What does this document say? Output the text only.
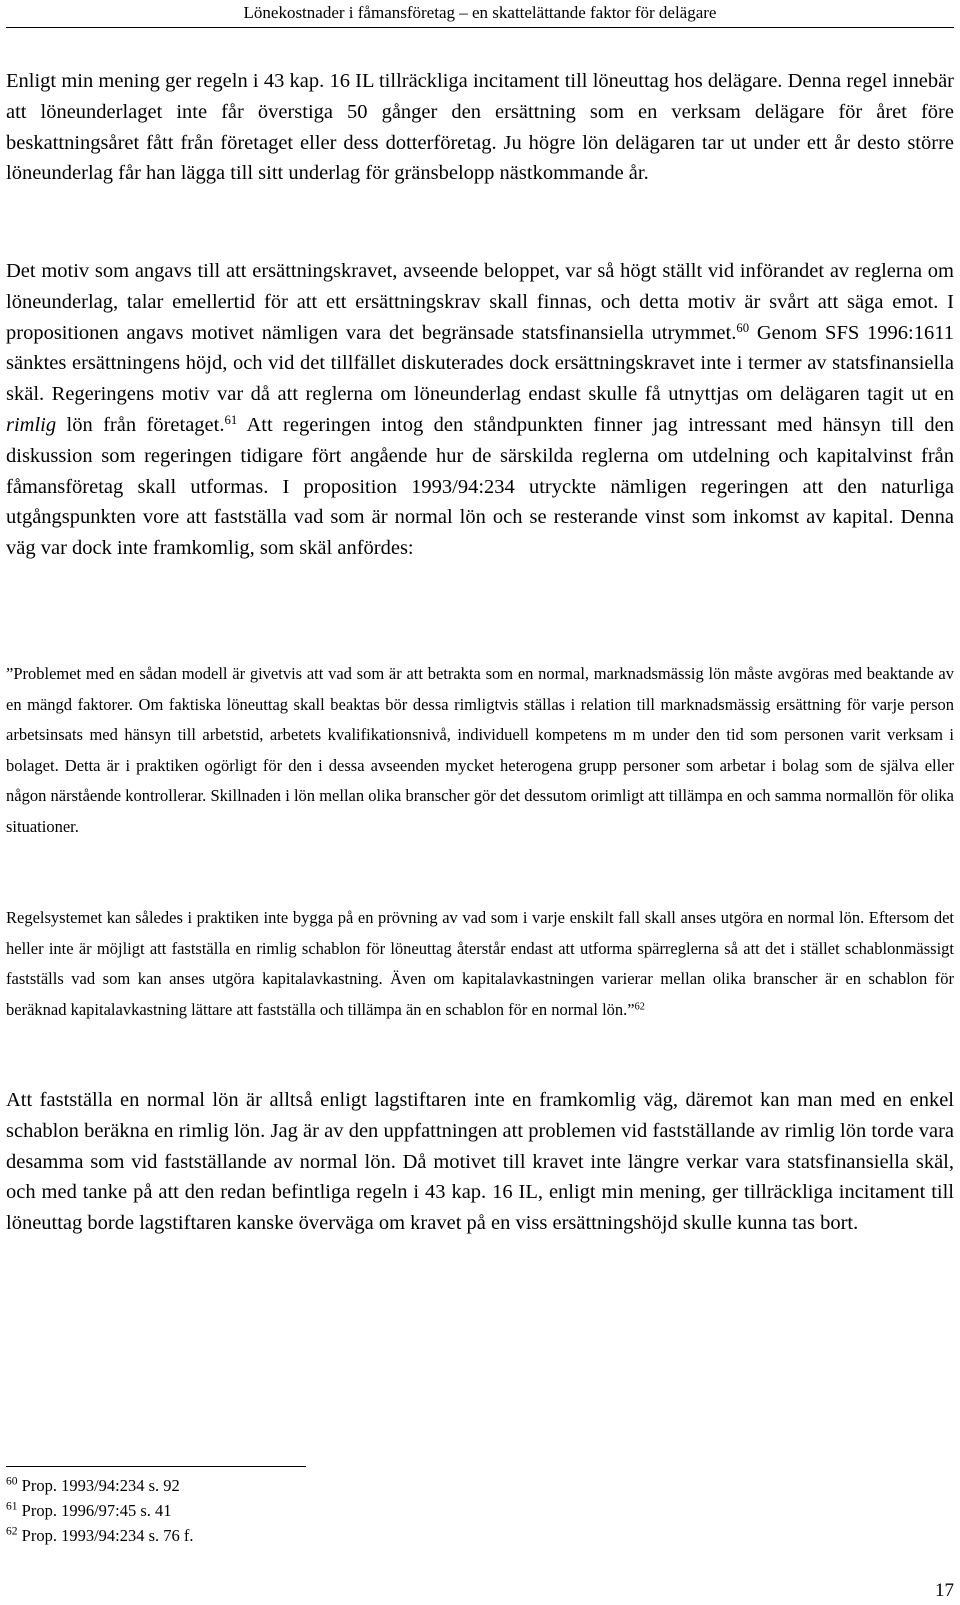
Lönekostnader i fåmansföretag – en skattelättande faktor för delägare

Enligt min mening ger regeln i 43 kap. 16 IL tillräckliga incitament till löneuttag hos delägare. Denna regel innebär att löneunderlaget inte får överstiga 50 gånger den ersättning som en verksam delägare för året före beskattningsåret fått från företaget eller dess dotterföretag. Ju högre lön delägaren tar ut under ett år desto större löneunderlag får han lägga till sitt underlag för gränsbelopp nästkommande år.

Det motiv som angavs till att ersättningskravet, avseende beloppet, var så högt ställt vid införandet av reglerna om löneunderlag, talar emellertid för att ett ersättningskrav skall finnas, och detta motiv är svårt att säga emot. I propositionen angavs motivet nämligen vara det begränsade statsfinansiella utrymmet.$^{60}$ Genom SFS 1996:1611 sänktes ersättningens höjd, och vid det tillfället diskuterades dock ersättningskravet inte i termer av statsfinansiella skäl. Regeringens motiv var då att reglerna om löneunderlag endast skulle få utnyttjas om delägaren tagit ut en rimlig lön från företaget.$^{61}$ Att regeringen intog den ståndpunkten finner jag intressant med hänsyn till den diskussion som regeringen tidigare fört angående hur de särskilda reglerna om utdelning och kapitalvinst från fåmansföretag skall utformas. I proposition 1993/94:234 utryckte nämligen regeringen att den naturliga utgångspunkten vore att fastställa vad som är normal lön och se resterande vinst som inkomst av kapital. Denna väg var dock inte framkomlig, som skäl anfördes:

”Problemet med en sådan modell är givetvis att vad som är att betrakta som en normal, marknadsmässig lön måste avgöras med beaktande av en mängd faktorer. Om faktiska löneuttag skall beaktas bör dessa rimligtvis ställas i relation till marknadsmässig ersättning för varje person arbetsinsats med hänsyn till arbetstid, arbetets kvalifikationsnivå, individuell kompetens m m under den tid som personen varit verksam i bolaget. Detta är i praktiken ogörligt för den i dessa avseenden mycket heterogena grupp personer som arbetar i bolag som de själva eller någon närstående kontrollerar. Skillnaden i lön mellan olika branscher gör det dessutom orimligt att tillämpa en och samma normallön för olika situationer.

Regelsystemet kan således i praktiken inte bygga på en prövning av vad som i varje enskilt fall skall anses utgöra en normal lön. Eftersom det heller inte är möjligt att fastställa en rimlig schablon för löneuttag återstår endast att utforma spärreglerna så att det i stället schablonmässigt fastställs vad som kan anses utgöra kapitalavkastning. Även om kapitalavkastningen varierar mellan olika branscher är en schablon för beräknad kapitalavkastning lättare att fastställa och tillämpa än en schablon för en normal lön.”$^{62}$

Att fastställa en normal lön är alltså enligt lagstiftaren inte en framkomlig väg, däremot kan man med en enkel schablon beräkna en rimlig lön. Jag är av den uppfattningen att problemen vid fastställande av rimlig lön torde vara desamma som vid fastställande av normal lön. Då motivet till kravet inte längre verkar vara statsfinansiella skäl, och med tanke på att den redan befintliga regeln i 43 kap. 16 IL, enligt min mening, ger tillräckliga incitament till löneuttag borde lagstiftaren kanske överväga om kravet på en viss ersättningshöjd skulle kunna tas bort.

$^{60}$ Prop. 1993/94:234 s. 92
$^{61}$ Prop. 1996/97:45 s. 41
$^{62}$ Prop. 1993/94:234 s. 76 f.
17
